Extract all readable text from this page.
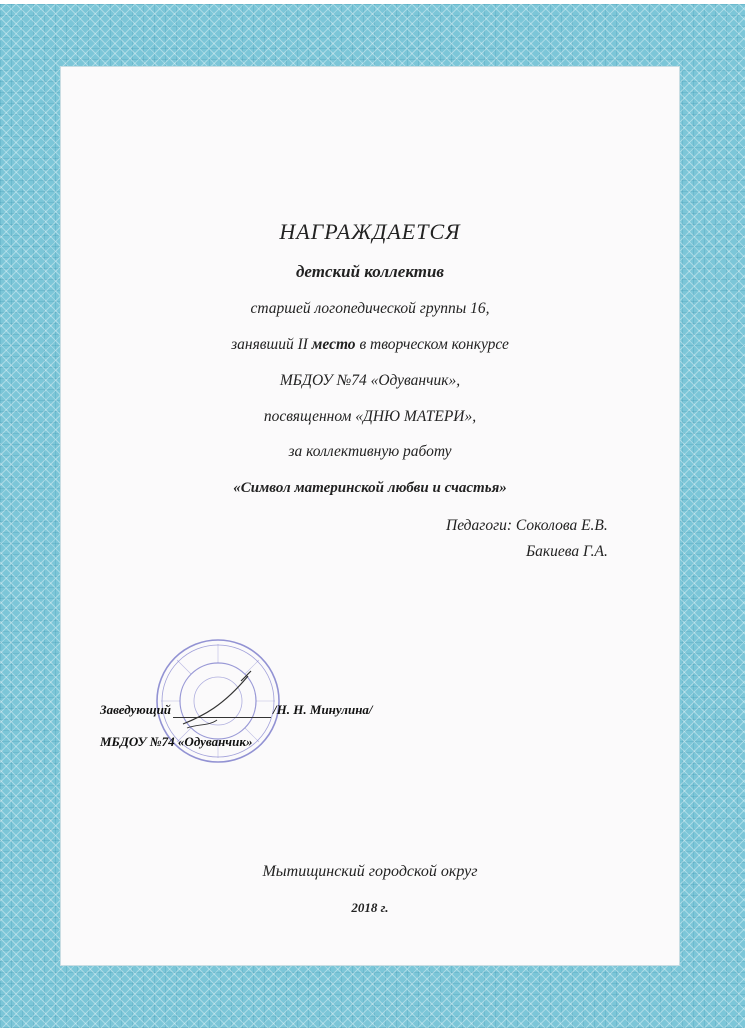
НАГРАЖДАЕТСЯ
детский коллектив
старшей логопедической группы 16,
занявший II место в творческом конкурсе
МБДОУ №74 «Одуванчик»,
посвященном «ДНЮ МАТЕРИ»,
за коллективную работу
«Символ материнской любви и счастья»
Педагоги: Соколова Е.В.
Бакиева Г.А.
Заведующий	/Н. Н. Минулина/
МБДОУ №74 «Одуванчик»
Мытищинский городской округ
2018 г.
